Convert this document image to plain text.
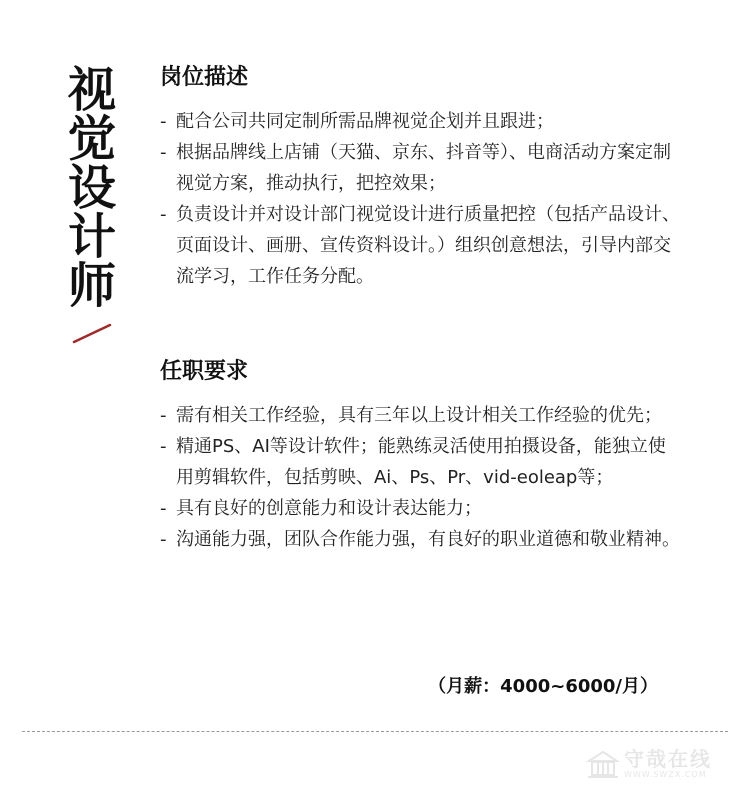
视
觉
设
计
师
岗位描述
- 配合公司共同定制所需品牌视觉企划并且跟进；
- 根据品牌线上店铺（天猫、京东、抖音等）、电商活动方案定制视觉方案，推动执行，把控效果；
- 负责设计并对设计部门视觉设计进行质量把控（包括产品设计、页面设计、画册、宣传资料设计。）组织创意想法，引导内部交流学习，工作任务分配。
任职要求
- 需有相关工作经验，具有三年以上设计相关工作经验的优先；
- 精通PS、AI等设计软件；能熟练灵活使用拍摄设备，能独立使用剪辑软件，包括剪映、Ai、Ps、Pr、vid-eoleap等；
- 具有良好的创意能力和设计表达能力；
- 沟通能力强，团队合作能力强，有良好的职业道德和敬业精神。
（月薪：4000~6000/月）
守哉在线
WWW.SWZX.COM
